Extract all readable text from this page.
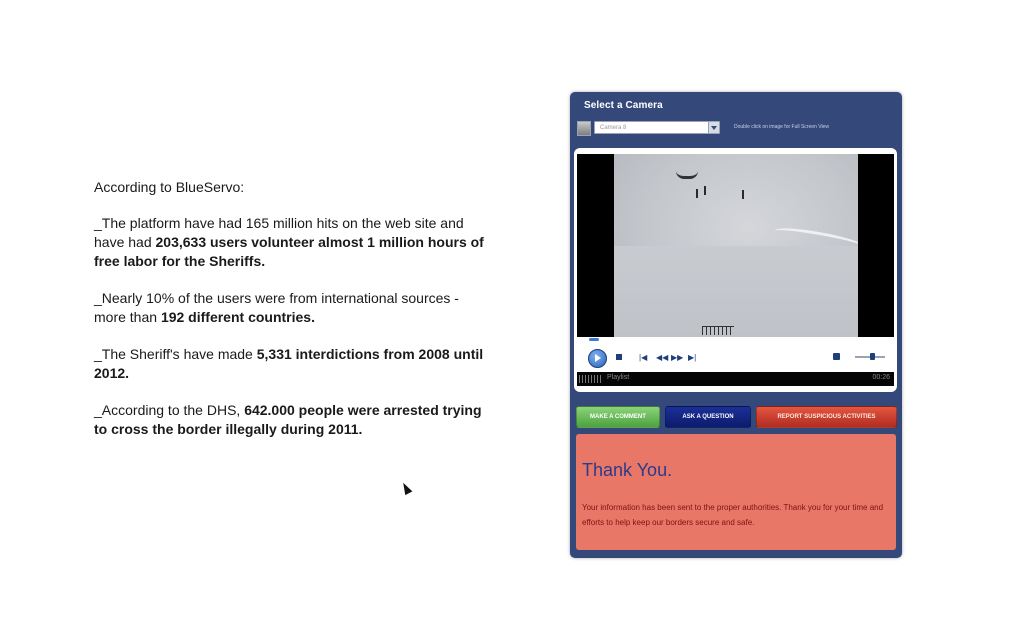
According to BlueServo:

_The platform have had 165 million hits on the web site and have had 203,633 users volunteer almost 1 million hours of free labor for the Sheriffs.

_Nearly 10% of the users were from international sources - more than 192 different countries.

_The Sheriff's have made 5,331 interdictions from 2008 until 2012.

_According to the DHS, 642.000 people were arrested trying to cross the border illegally during 2011.

Select a Camera
Camera 8	Double click on image for Full Screen View
|◀ ◀◀ ▶▶ ▶|
Playlist	00:26
MAKE A COMMENT	ASK A QUESTION	REPORT SUSPICIOUS ACTIVITIES
Thank You.
Your information has been sent to the proper authorities. Thank you for your time and efforts to help keep our borders secure and safe.
